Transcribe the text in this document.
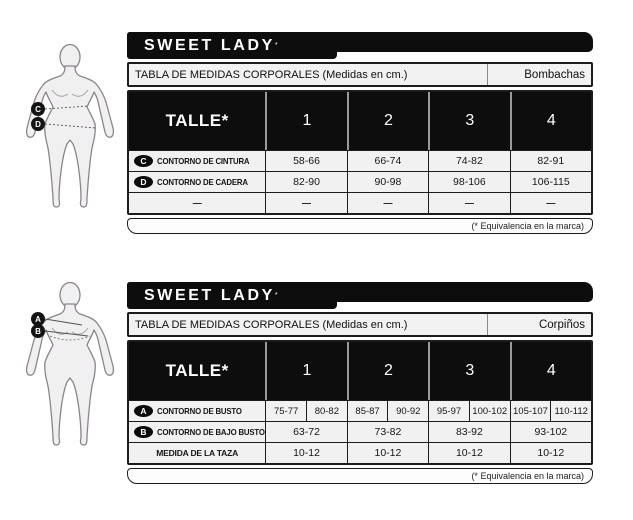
C
D
A
B
SWEET LADY *
TABLA DE MEDIDAS CORPORALES (Medidas en cm.)	Bombachas
TALLE*	1	2	3	4
C	CONTORNO DE CINTURA	58-66	66-74	74-82	82-91
D	CONTORNO DE CADERA	82-90	90-98	98-106	106-115
—	—	—	—	—
(* Equivalencia en la marca)
SWEET LADY *
TABLA DE MEDIDAS CORPORALES (Medidas en cm.)	Corpiños
TALLE*	1	2	3	4
A	CONTORNO DE BUSTO	75-77	80-82	85-87	90-92	95-97	100-102 105-107 110-112
B	CONTORNO DE BAJO BUSTO	63-72	73-82	83-92	93-102
MEDIDA DE LA TAZA	10-12	10-12	10-12	10-12
(* Equivalencia en la marca)
